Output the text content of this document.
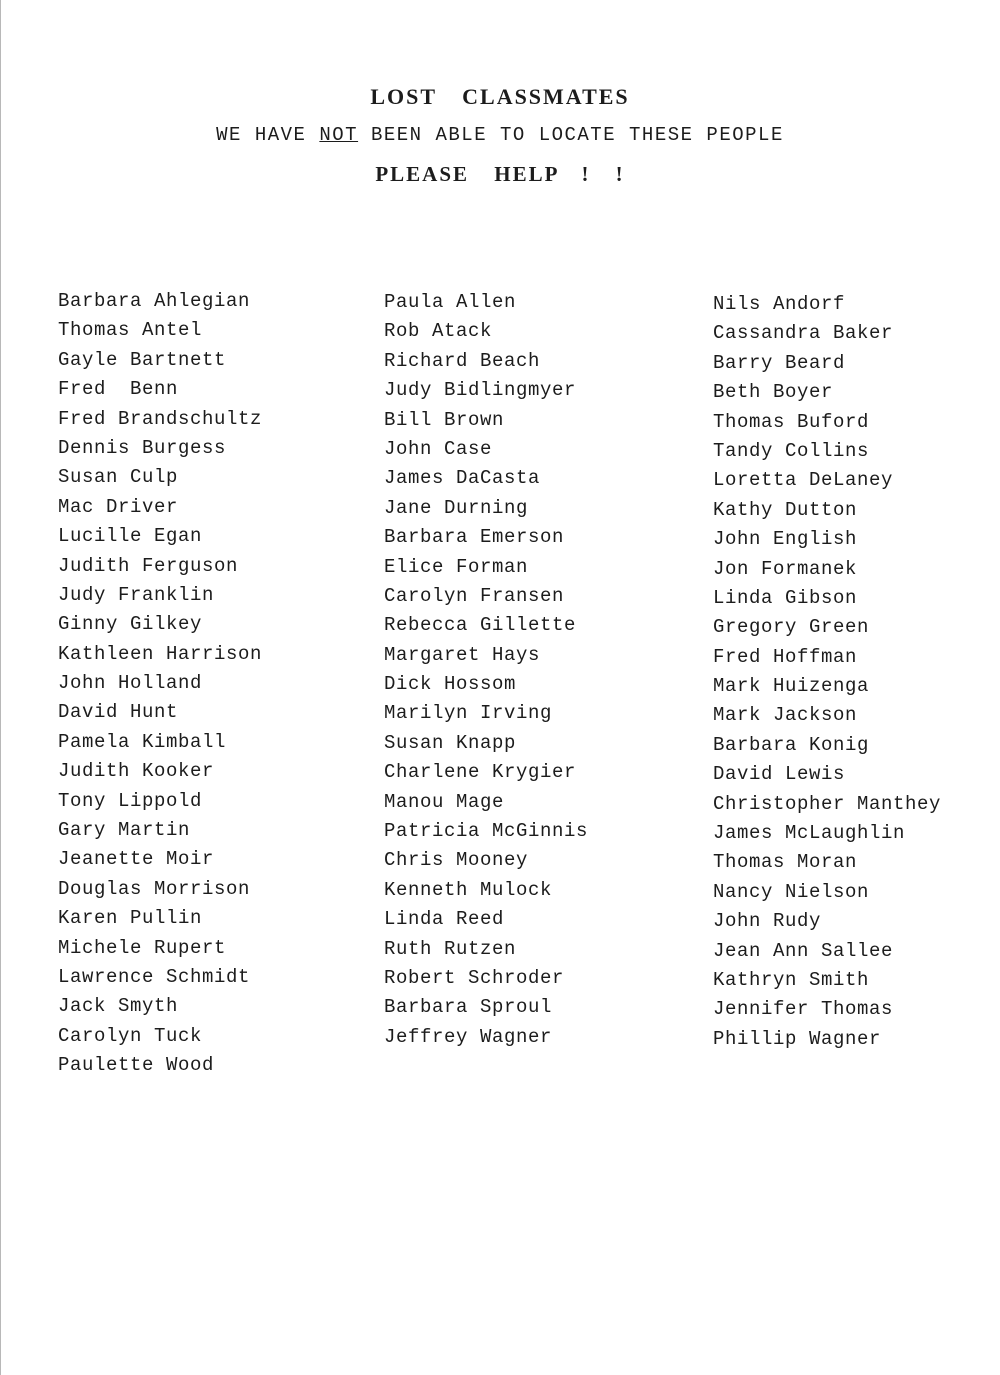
LOST CLASSMATES
WE HAVE NOT BEEN ABLE TO LOCATE THESE PEOPLE
PLEASE HELP ! !
Barbara Ahlegian
Thomas Antel
Gayle Bartnett
Fred  Benn
Fred Brandschultz
Dennis Burgess
Susan Culp
Mac Driver
Lucille Egan
Judith Ferguson
Judy Franklin
Ginny Gilkey
Kathleen Harrison
John Holland
David Hunt
Pamela Kimball
Judith Kooker
Tony Lippold
Gary Martin
Jeanette Moir
Douglas Morrison
Karen Pullin
Michele Rupert
Lawrence Schmidt
Jack Smyth
Carolyn Tuck
Paulette Wood
Paula Allen
Rob Atack
Richard Beach
Judy Bidlingmyer
Bill Brown
John Case
James DaCasta
Jane Durning
Barbara Emerson
Elice Forman
Carolyn Fransen
Rebecca Gillette
Margaret Hays
Dick Hossom
Marilyn Irving
Susan Knapp
Charlene Krygier
Manou Mage
Patricia McGinnis
Chris Mooney
Kenneth Mulock
Linda Reed
Ruth Rutzen
Robert Schroder
Barbara Sproul
Jeffrey Wagner
Nils Andorf
Cassandra Baker
Barry Beard
Beth Boyer
Thomas Buford
Tandy Collins
Loretta DeLaney
Kathy Dutton
John English
Jon Formanek
Linda Gibson
Gregory Green
Fred Hoffman
Mark Huizenga
Mark Jackson
Barbara Konig
David Lewis
Christopher Manthey
James McLaughlin
Thomas Moran
Nancy Nielson
John Rudy
Jean Ann Sallee
Kathryn Smith
Jennifer Thomas
Phillip Wagner
